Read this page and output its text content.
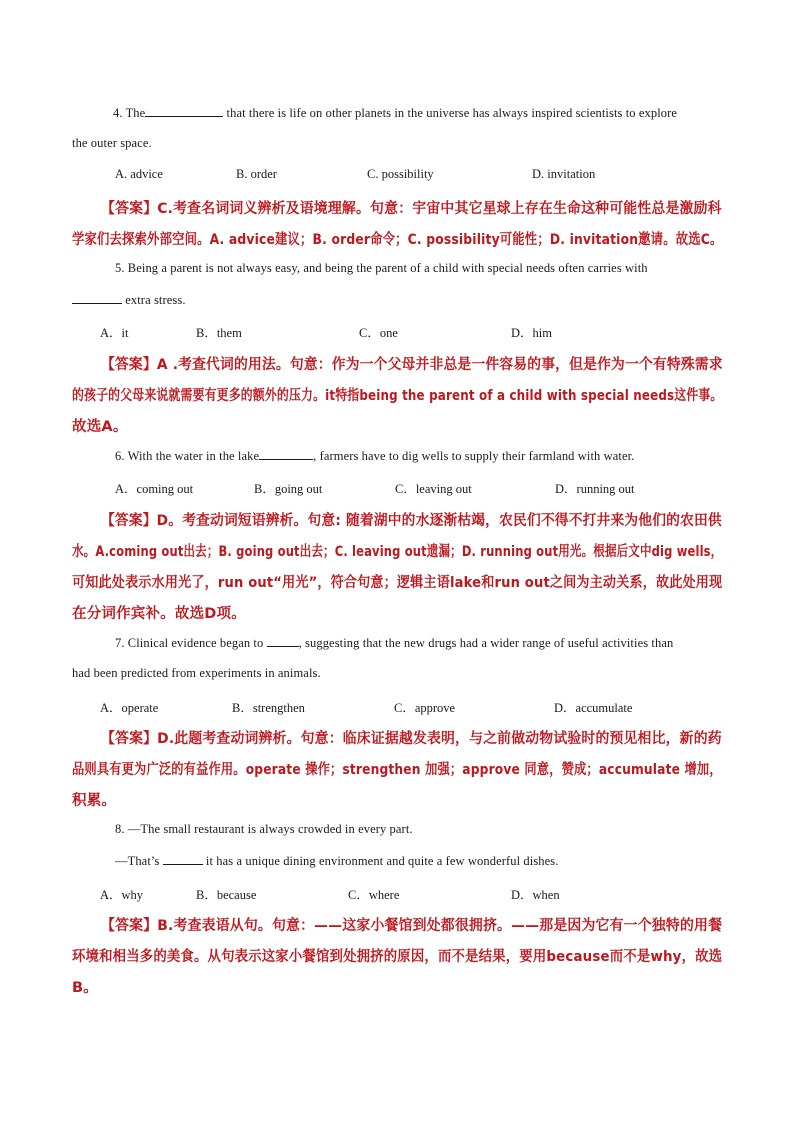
4. The	that there is life on other planets in the universe has always inspired scientists to explore
the outer space.
A. advice	B. order	C. possibility	D. invitation
【答案】C.考查名词词义辨析及语境理解。句意：宇宙中其它星球上存在生命这种可能性总是激励科
学家们去探索外部空间。A. advice建议；B. order命令；C. possibility可能性；D. invitation邀请。故选C。
5. Being a parent is not always easy, and being the parent of a child with special needs often carries with
extra stress.
A．it	B．them	C．one	D．him
【答案】A .考查代词的用法。句意：作为一个父母并非总是一件容易的事，但是作为一个有特殊需求
的孩子的父母来说就需要有更多的额外的压力。it特指being the parent of a child with special needs这件事。
故选A。
6. With the water in the lake	, farmers have to dig wells to supply their farmland with water.
A．coming out	B．going out	C．leaving out	D．running out
【答案】D。考查动词短语辨析。句意: 随着湖中的水逐渐枯竭，农民们不得不打井来为他们的农田供
水。A.coming out出去；B. going out出去；C. leaving out遗漏；D. running out用光。根据后文中dig wells，
可知此处表示水用光了，run out“用光”，符合句意；逻辑主语lake和run out之间为主动关系，故此处用现
在分词作宾补。故选D项。
7. Clinical evidence began to	, suggesting that the new drugs had a wider range of useful activities than
had been predicted from experiments in animals.
A．operate	B．strengthen	C．approve	D．accumulate
【答案】D.此题考查动词辨析。句意：临床证据越发表明，与之前做动物试验时的预见相比，新的药
品则具有更为广泛的有益作用。operate 操作；strengthen 加强；approve 同意，赞成；accumulate 增加，
积累。
8. —The small restaurant is always crowded in every part.
—That’s	it has a unique dining environment and quite a few wonderful dishes.
A．why	B．because	C．where	D．when
【答案】B.考查表语从句。句意：——这家小餐馆到处都很拥挤。——那是因为它有一个独特的用餐
环境和相当多的美食。从句表示这家小餐馆到处拥挤的原因，而不是结果，要用because而不是why，故选
B。
